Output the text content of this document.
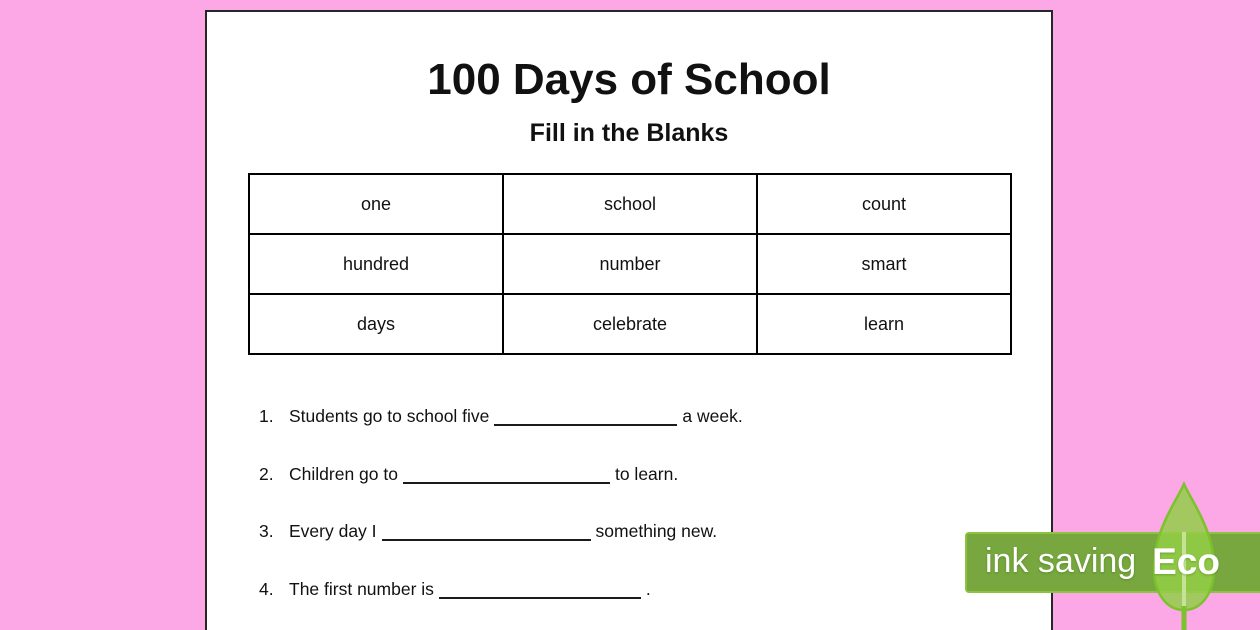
100 Days of School
Fill in the Blanks
one	school	count
hundred	number	smart
days	celebrate	learn
1. Students go to school five	a week.
2. Children go to	to learn.
3. Every day I	something new.
4. The first number is	.
ink saving Eco
